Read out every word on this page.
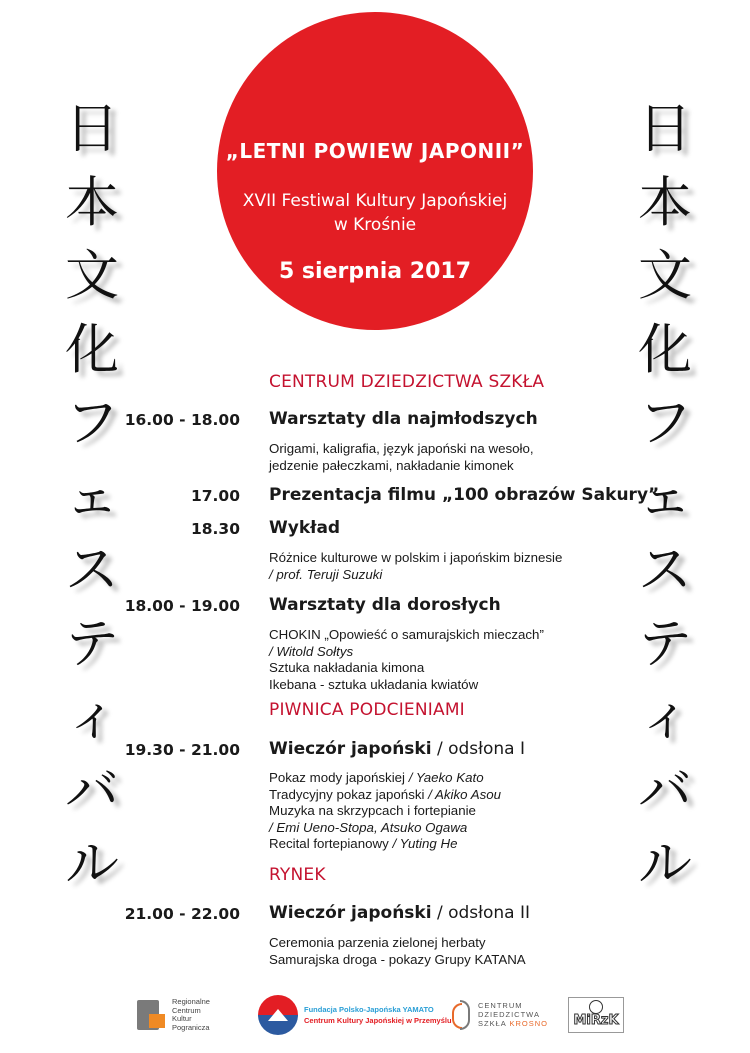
日
本
文
化
フ
ェ
ス
テ
ィ
バ
ル
日
本
文
化
フ
ェ
ス
テ
ィ
バ
ル
„LETNI POWIEW JAPONII”
XVII Festiwal Kultury Japońskiej
w Krośnie
5 sierpnia 2017
CENTRUM DZIEDZICTWA SZKŁA
16.00 - 18.00 Warsztaty dla najmłodszych
Origami, kaligrafia, język japoński na wesoło,
jedzenie pałeczkami, nakładanie kimonek
17.00 Prezentacja filmu „100 obrazów Sakury”
18.30 Wykład
Różnice kulturowe w polskim i japońskim biznesie
/ prof. Teruji Suzuki
18.00 - 19.00 Warsztaty dla dorosłych
CHOKIN „Opowieść o samurajskich mieczach”
/ Witold Sołtys
Sztuka nakładania kimona
Ikebana - sztuka układania kwiatów
PIWNICA PODCIENIAMI
19.30 - 21.00 Wieczór japoński / odsłona I
Pokaz mody japońskiej / Yaeko Kato
Tradycyjny pokaz japoński / Akiko Asou
Muzyka na skrzypcach i fortepianie
/ Emi Ueno-Stopa, Atsuko Ogawa
Recital fortepianowy / Yuting He
RYNEK
21.00 - 22.00 Wieczór japoński / odsłona II
Ceremonia parzenia zielonej herbaty
Samurajska droga - pokazy Grupy KATANA
Regionalne
Centrum
Kultur
Pogranicza
Fundacja Polsko-Japońska YAMATO
Centrum Kultury Japońskiej w Przemyślu
CENTRUM
DZIEDZICTWA
SZKŁA KROSNO	MiRzK
